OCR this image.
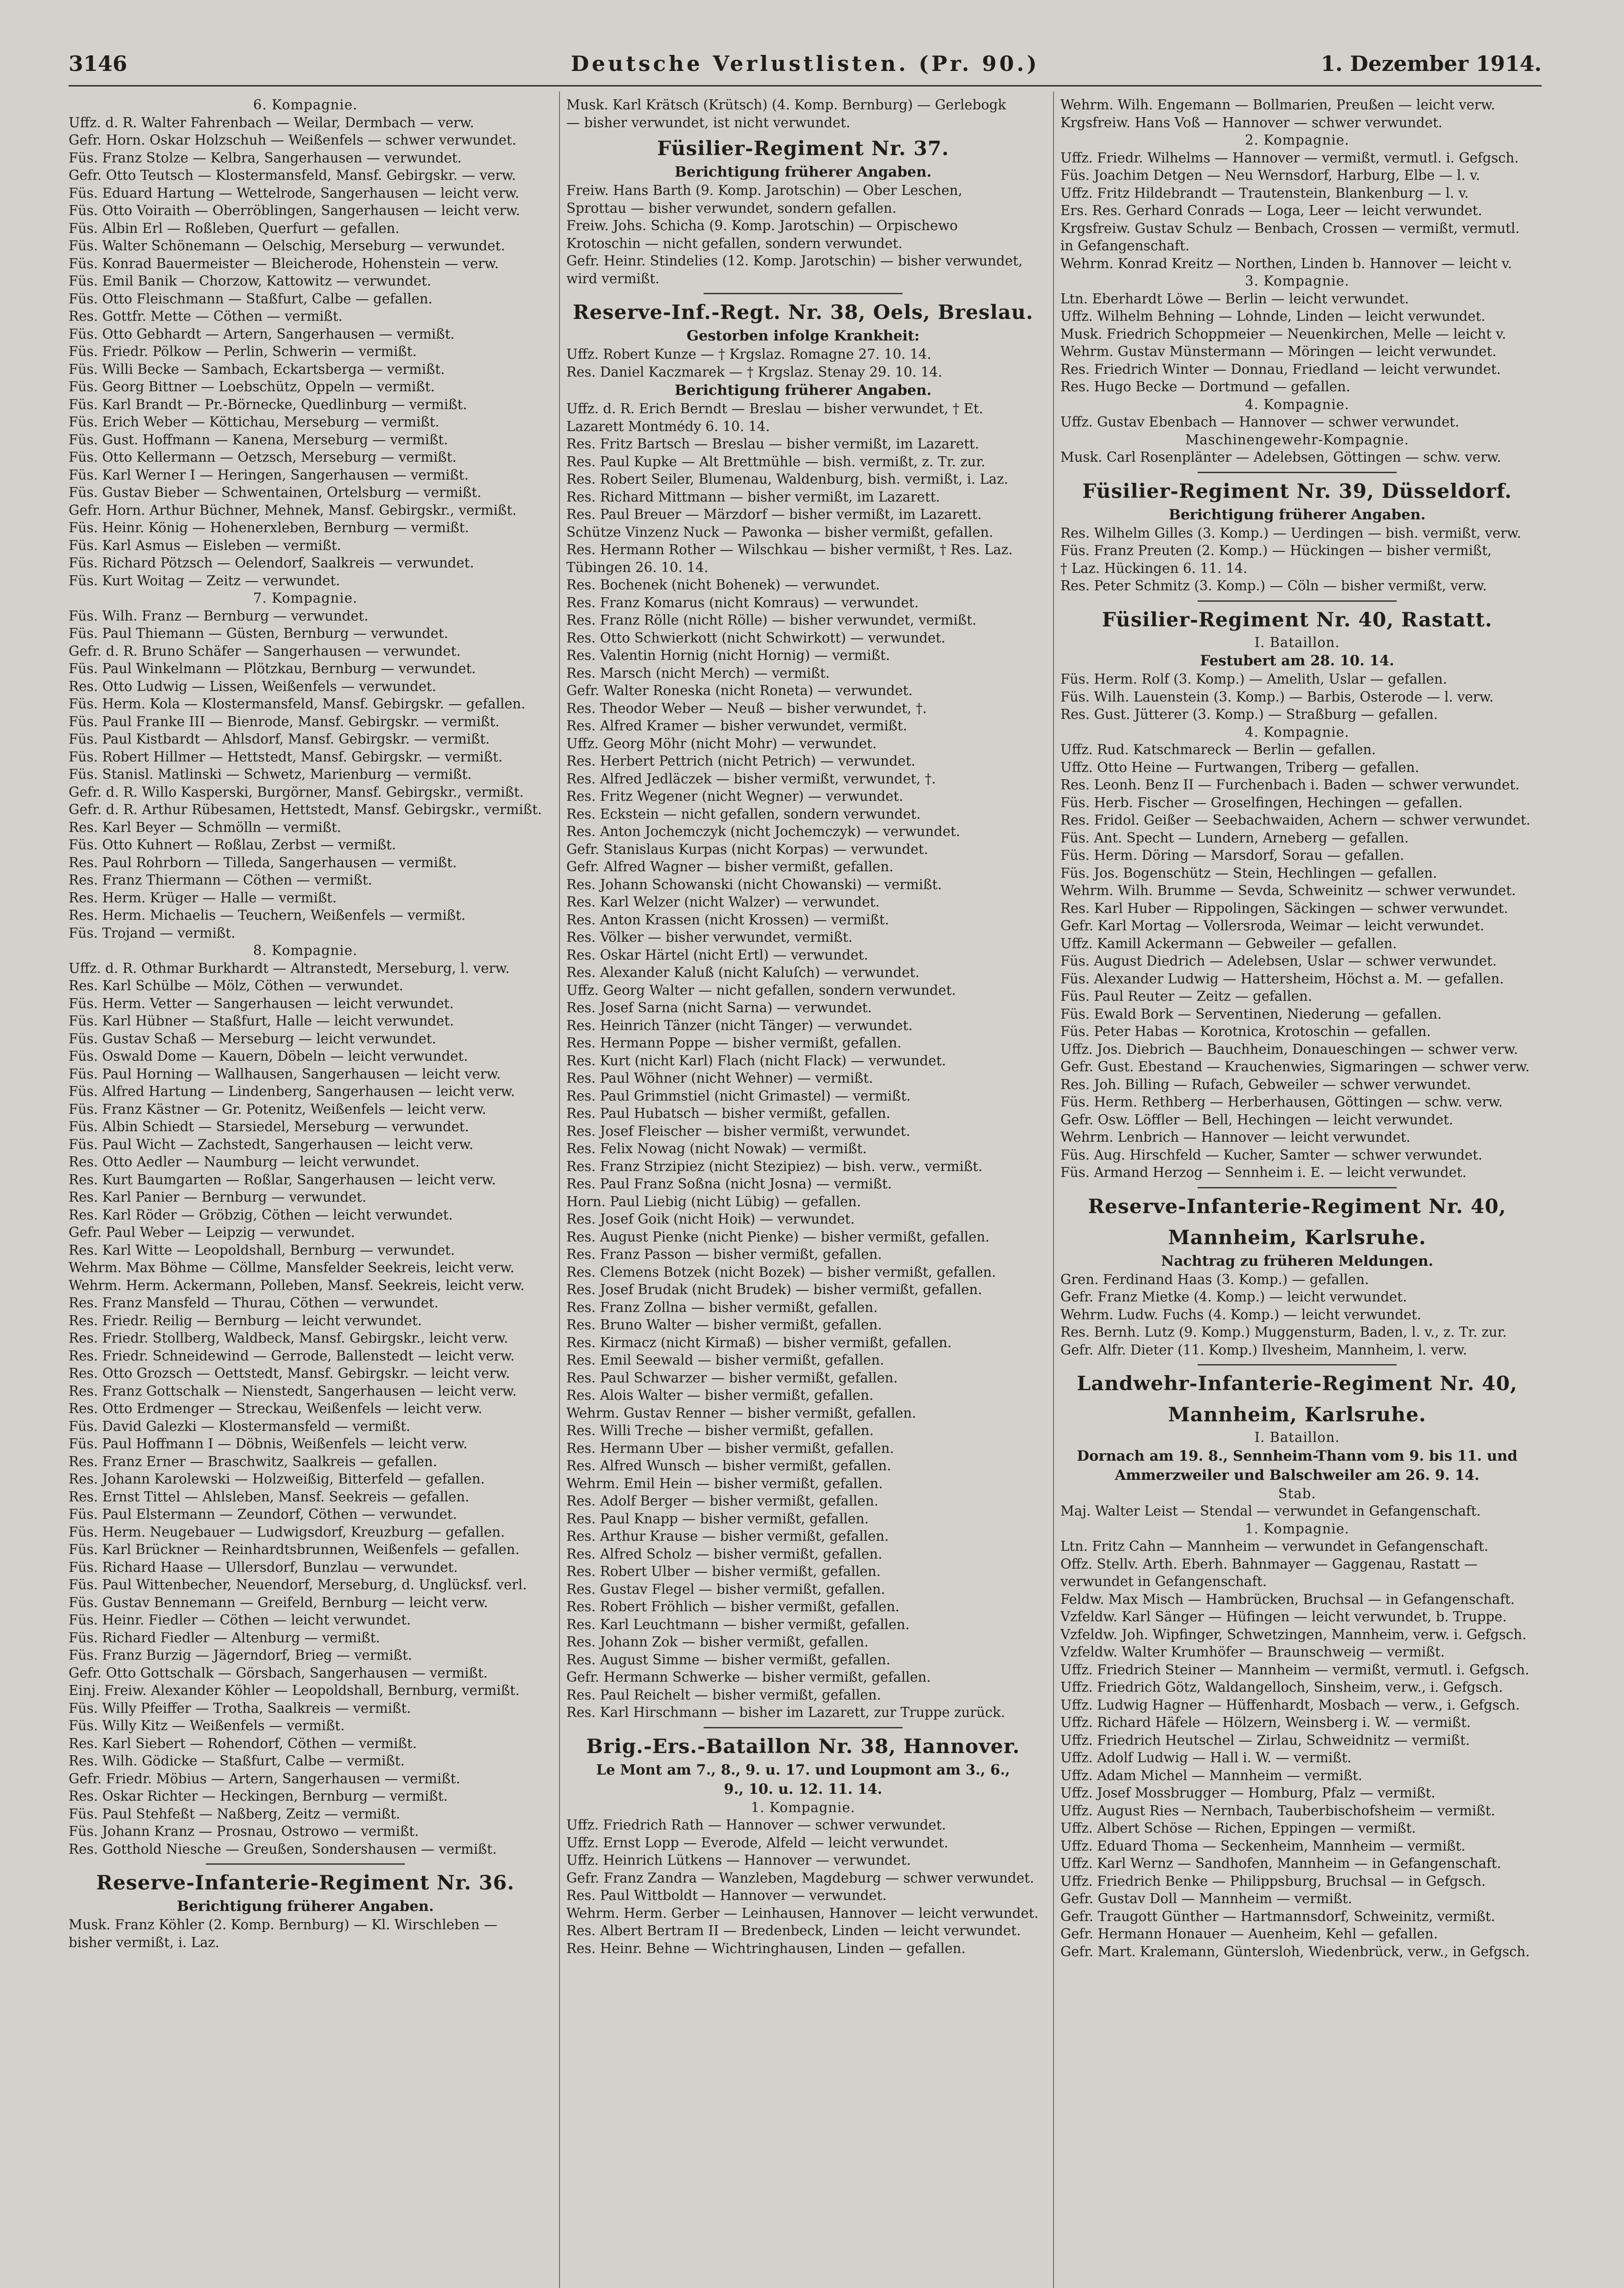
3146	Deutsche Verlustlisten. (Pr. 90.)	1. Dezember 1914.
6. Kompagnie.
Uffz. d. R. Walter Fahrenbach — Weilar, Dermbach — verw.
Gefr. Horn. Oskar Holzschuh — Weißenfels — schwer verwundet.
Füs. Franz Stolze — Kelbra, Sangerhausen — verwundet.
Gefr. Otto Teutsch — Klostermansfeld, Mansf. Gebirgskr. — verw.
Füs. Eduard Hartung — Wettelrode, Sangerhausen — leicht verw.
Füs. Otto Voiraith — Oberröblingen, Sangerhausen — leicht verw.
Füs. Albin Erl — Roßleben, Querfurt — gefallen.
Füs. Walter Schönemann — Oelschig, Merseburg — verwundet.
Füs. Konrad Bauermeister — Bleicherode, Hohenstein — verw.
Füs. Emil Banik — Chorzow, Kattowitz — verwundet.
Füs. Otto Fleischmann — Staßfurt, Calbe — gefallen.
Res. Gottfr. Mette — Cöthen — vermißt.
Füs. Otto Gebhardt — Artern, Sangerhausen — vermißt.
Füs. Friedr. Pölkow — Perlin, Schwerin — vermißt.
Füs. Willi Becke — Sambach, Eckartsberga — vermißt.
Füs. Georg Bittner — Loebschütz, Oppeln — vermißt.
Füs. Karl Brandt — Pr.-Börnecke, Quedlinburg — vermißt.
Füs. Erich Weber — Köttichau, Merseburg — vermißt.
Füs. Gust. Hoffmann — Kanena, Merseburg — vermißt.
Füs. Otto Kellermann — Oetzsch, Merseburg — vermißt.
Füs. Karl Werner I — Heringen, Sangerhausen — vermißt.
Füs. Gustav Bieber — Schwentainen, Ortelsburg — vermißt.
Gefr. Horn. Arthur Büchner, Mehnek, Mansf. Gebirgskr., vermißt.
Füs. Heinr. König — Hohenerxleben, Bernburg — vermißt.
Füs. Karl Asmus — Eisleben — vermißt.
Füs. Richard Pötzsch — Oelendorf, Saalkreis — verwundet.
Füs. Kurt Woitag — Zeitz — verwundet.
7. Kompagnie.
Füs. Wilh. Franz — Bernburg — verwundet.
Füs. Paul Thiemann — Güsten, Bernburg — verwundet.
Gefr. d. R. Bruno Schäfer — Sangerhausen — verwundet.
Füs. Paul Winkelmann — Plötzkau, Bernburg — verwundet.
Res. Otto Ludwig — Lissen, Weißenfels — verwundet.
Füs. Herm. Kola — Klostermansfeld, Mansf. Gebirgskr. — gefallen.
Füs. Paul Franke III — Bienrode, Mansf. Gebirgskr. — vermißt.
Füs. Paul Kistbardt — Ahlsdorf, Mansf. Gebirgskr. — vermißt.
Füs. Robert Hillmer — Hettstedt, Mansf. Gebirgskr. — vermißt.
Füs. Stanisl. Matlinski — Schwetz, Marienburg — vermißt.
Gefr. d. R. Willo Kasperski, Burgörner, Mansf. Gebirgskr., vermißt.
Gefr. d. R. Arthur Rübesamen, Hettstedt, Mansf. Gebirgskr., vermißt.
Res. Karl Beyer — Schmölln — vermißt.
Füs. Otto Kuhnert — Roßlau, Zerbst — vermißt.
Res. Paul Rohrborn — Tilleda, Sangerhausen — vermißt.
Res. Franz Thiermann — Cöthen — vermißt.
Res. Herm. Krüger — Halle — vermißt.
Res. Herm. Michaelis — Teuchern, Weißenfels — vermißt.
Füs. Trojand — vermißt.
8. Kompagnie.
Uffz. d. R. Othmar Burkhardt — Altranstedt, Merseburg, l. verw.
Res. Karl Schülbe — Mölz, Cöthen — verwundet.
Füs. Herm. Vetter — Sangerhausen — leicht verwundet.
Füs. Karl Hübner — Staßfurt, Halle — leicht verwundet.
Füs. Gustav Schaß — Merseburg — leicht verwundet.
Füs. Oswald Dome — Kauern, Döbeln — leicht verwundet.
Füs. Paul Horning — Wallhausen, Sangerhausen — leicht verw.
Füs. Alfred Hartung — Lindenberg, Sangerhausen — leicht verw.
Füs. Franz Kästner — Gr. Potenitz, Weißenfels — leicht verw.
Füs. Albin Schiedt — Starsiedel, Merseburg — verwundet.
Füs. Paul Wicht — Zachstedt, Sangerhausen — leicht verw.
Res. Otto Aedler — Naumburg — leicht verwundet.
Res. Kurt Baumgarten — Roßlar, Sangerhausen — leicht verw.
Res. Karl Panier — Bernburg — verwundet.
Res. Karl Röder — Gröbzig, Cöthen — leicht verwundet.
Gefr. Paul Weber — Leipzig — verwundet.
Res. Karl Witte — Leopoldshall, Bernburg — verwundet.
Wehrm. Max Böhme — Cöllme, Mansfelder Seekreis, leicht verw.
Wehrm. Herm. Ackermann, Polleben, Mansf. Seekreis, leicht verw.
Res. Franz Mansfeld — Thurau, Cöthen — verwundet.
Res. Friedr. Reilig — Bernburg — leicht verwundet.
Res. Friedr. Stollberg, Waldbeck, Mansf. Gebirgskr., leicht verw.
Res. Friedr. Schneidewind — Gerrode, Ballenstedt — leicht verw.
Res. Otto Grozsch — Oettstedt, Mansf. Gebirgskr. — leicht verw.
Res. Franz Gottschalk — Nienstedt, Sangerhausen — leicht verw.
Res. Otto Erdmenger — Streckau, Weißenfels — leicht verw.
Füs. David Galezki — Klostermansfeld — vermißt.
Füs. Paul Hoffmann I — Döbnis, Weißenfels — leicht verw.
Res. Franz Erner — Braschwitz, Saalkreis — gefallen.
Res. Johann Karolewski — Holzweißig, Bitterfeld — gefallen.
Res. Ernst Tittel — Ahlsleben, Mansf. Seekreis — gefallen.
Füs. Paul Elstermann — Zeundorf, Cöthen — verwundet.
Füs. Herm. Neugebauer — Ludwigsdorf, Kreuzburg — gefallen.
Füs. Karl Brückner — Reinhardtsbrunnen, Weißenfels — gefallen.
Füs. Richard Haase — Ullersdorf, Bunzlau — verwundet.
Füs. Paul Wittenbecher, Neuendorf, Merseburg, d. Unglücksf. verl.
Füs. Gustav Bennemann — Greifeld, Bernburg — leicht verw.
Füs. Heinr. Fiedler — Cöthen — leicht verwundet.
Füs. Richard Fiedler — Altenburg — vermißt.
Füs. Franz Burzig — Jägerndorf, Brieg — vermißt.
Gefr. Otto Gottschalk — Görsbach, Sangerhausen — vermißt.
Einj. Freiw. Alexander Köhler — Leopoldshall, Bernburg, vermißt.
Füs. Willy Pfeiffer — Trotha, Saalkreis — vermißt.
Füs. Willy Kitz — Weißenfels — vermißt.
Res. Karl Siebert — Rohendorf, Cöthen — vermißt.
Res. Wilh. Gödicke — Staßfurt, Calbe — vermißt.
Gefr. Friedr. Möbius — Artern, Sangerhausen — vermißt.
Res. Oskar Richter — Heckingen, Bernburg — vermißt.
Füs. Paul Stehfeßt — Naßberg, Zeitz — vermißt.
Füs. Johann Kranz — Prosnau, Ostrowo — vermißt.
Res. Gotthold Niesche — Greußen, Sondershausen — vermißt.
Reserve-Infanterie-Regiment Nr. 36.
Berichtigung früherer Angaben.
Musk. Franz Köhler (2. Komp. Bernburg) — Kl. Wirschleben —
bisher vermißt, i. Laz.
Musk. Karl Krätsch (Krütsch) (4. Komp. Bernburg) — Gerlebogk
— bisher verwundet, ist nicht verwundet.
Füsilier-Regiment Nr. 37.
Berichtigung früherer Angaben.
Freiw. Hans Barth (9. Komp. Jarotschin) — Ober Leschen,
Sprottau — bisher verwundet, sondern gefallen.
Freiw. Johs. Schicha (9. Komp. Jarotschin) — Orpischewo
Krotoschin — nicht gefallen, sondern verwundet.
Gefr. Heinr. Stindelies (12. Komp. Jarotschin) — bisher verwundet,
wird vermißt.
Reserve-Inf.-Regt. Nr. 38, Oels, Breslau.
Gestorben infolge Krankheit:
Uffz. Robert Kunze — † Krgslaz. Romagne 27. 10. 14.
Res. Daniel Kaczmarek — † Krgslaz. Stenay 29. 10. 14.
Berichtigung früherer Angaben.
Uffz. d. R. Erich Berndt — Breslau — bisher verwundet, † Et.
Lazarett Montmédy 6. 10. 14.
Res. Fritz Bartsch — Breslau — bisher vermißt, im Lazarett.
Res. Paul Kupke — Alt Brettmühle — bish. vermißt, z. Tr. zur.
Res. Robert Seiler, Blumenau, Waldenburg, bish. vermißt, i. Laz.
Res. Richard Mittmann — bisher vermißt, im Lazarett.
Res. Paul Breuer — Märzdorf — bisher vermißt, im Lazarett.
Schütze Vinzenz Nuck — Pawonka — bisher vermißt, gefallen.
Res. Hermann Rother — Wilschkau — bisher vermißt, † Res. Laz.
Tübingen 26. 10. 14.
Res. Bochenek (nicht Bohenek) — verwundet.
Res. Franz Komarus (nicht Komraus) — verwundet.
Res. Franz Rölle (nicht Rölle) — bisher verwundet, vermißt.
Res. Otto Schwierkott (nicht Schwirkott) — verwundet.
Res. Valentin Hornig (nicht Hornig) — vermißt.
Res. Marsch (nicht Merch) — vermißt.
Gefr. Walter Roneska (nicht Roneta) — verwundet.
Res. Theodor Weber — Neuß — bisher verwundet, †.
Res. Alfred Kramer — bisher verwundet, vermißt.
Uffz. Georg Möhr (nicht Mohr) — verwundet.
Res. Herbert Pettrich (nicht Petrich) — verwundet.
Res. Alfred Jedläczek — bisher vermißt, verwundet, †.
Res. Fritz Wegener (nicht Wegner) — verwundet.
Res. Eckstein — nicht gefallen, sondern verwundet.
Res. Anton Jochemczyk (nicht Jochemczyk) — verwundet.
Gefr. Stanislaus Kurpas (nicht Korpas) — verwundet.
Gefr. Alfred Wagner — bisher vermißt, gefallen.
Res. Johann Schowanski (nicht Chowanski) — vermißt.
Res. Karl Welzer (nicht Walzer) — verwundet.
Res. Anton Krassen (nicht Krossen) — vermißt.
Res. Völker — bisher verwundet, vermißt.
Res. Oskar Härtel (nicht Ertl) — verwundet.
Res. Alexander Kaluß (nicht Kaluſch) — verwundet.
Uffz. Georg Walter — nicht gefallen, sondern verwundet.
Res. Josef Sarna (nicht Sarna) — verwundet.
Res. Heinrich Tänzer (nicht Tänger) — verwundet.
Res. Hermann Poppe — bisher vermißt, gefallen.
Res. Kurt (nicht Karl) Flach (nicht Flack) — verwundet.
Res. Paul Wöhner (nicht Wehner) — vermißt.
Res. Paul Grimmstiel (nicht Grimastel) — vermißt.
Res. Paul Hubatsch — bisher vermißt, gefallen.
Res. Josef Fleischer — bisher vermißt, verwundet.
Res. Felix Nowag (nicht Nowak) — vermißt.
Res. Franz Strzipiez (nicht Stezipiez) — bish. verw., vermißt.
Res. Paul Franz Soßna (nicht Josna) — vermißt.
Horn. Paul Liebig (nicht Lübig) — gefallen.
Res. Josef Goik (nicht Hoik) — verwundet.
Res. August Pienke (nicht Pienke) — bisher vermißt, gefallen.
Res. Franz Passon — bisher vermißt, gefallen.
Res. Clemens Botzek (nicht Bozek) — bisher vermißt, gefallen.
Res. Josef Brudak (nicht Brudek) — bisher vermißt, gefallen.
Res. Franz Zollna — bisher vermißt, gefallen.
Res. Bruno Walter — bisher vermißt, gefallen.
Res. Kirmacz (nicht Kirmaß) — bisher vermißt, gefallen.
Res. Emil Seewald — bisher vermißt, gefallen.
Res. Paul Schwarzer — bisher vermißt, gefallen.
Res. Alois Walter — bisher vermißt, gefallen.
Wehrm. Gustav Renner — bisher vermißt, gefallen.
Res. Willi Treche — bisher vermißt, gefallen.
Res. Hermann Uber — bisher vermißt, gefallen.
Res. Alfred Wunsch — bisher vermißt, gefallen.
Wehrm. Emil Hein — bisher vermißt, gefallen.
Res. Adolf Berger — bisher vermißt, gefallen.
Res. Paul Knapp — bisher vermißt, gefallen.
Res. Arthur Krause — bisher vermißt, gefallen.
Res. Alfred Scholz — bisher vermißt, gefallen.
Res. Robert Ulber — bisher vermißt, gefallen.
Res. Gustav Flegel — bisher vermißt, gefallen.
Res. Robert Fröhlich — bisher vermißt, gefallen.
Res. Karl Leuchtmann — bisher vermißt, gefallen.
Res. Johann Zok — bisher vermißt, gefallen.
Res. August Simme — bisher vermißt, gefallen.
Gefr. Hermann Schwerke — bisher vermißt, gefallen.
Res. Paul Reichelt — bisher vermißt, gefallen.
Res. Karl Hirschmann — bisher im Lazarett, zur Truppe zurück.
Brig.-Ers.-Bataillon Nr. 38, Hannover.
Le Mont am 7., 8., 9. u. 17. und Loupmont am 3., 6.,
9., 10. u. 12. 11. 14.
1. Kompagnie.
Uffz. Friedrich Rath — Hannover — schwer verwundet.
Uffz. Ernst Lopp — Everode, Alfeld — leicht verwundet.
Uffz. Heinrich Lütkens — Hannover — verwundet.
Gefr. Franz Zandra — Wanzleben, Magdeburg — schwer verwundet.
Res. Paul Wittboldt — Hannover — verwundet.
Wehrm. Herm. Gerber — Leinhausen, Hannover — leicht verwundet.
Res. Albert Bertram II — Bredenbeck, Linden — leicht verwundet.
Res. Heinr. Behne — Wichtringhausen, Linden — gefallen.
Wehrm. Wilh. Engemann — Bollmarien, Preußen — leicht verw.
Krgsfreiw. Hans Voß — Hannover — schwer verwundet.
2. Kompagnie.
Uffz. Friedr. Wilhelms — Hannover — vermißt, vermutl. i. Gefgsch.
Füs. Joachim Detgen — Neu Wernsdorf, Harburg, Elbe — l. v.
Uffz. Fritz Hildebrandt — Trautenstein, Blankenburg — l. v.
Ers. Res. Gerhard Conrads — Loga, Leer — leicht verwundet.
Krgsfreiw. Gustav Schulz — Benbach, Crossen — vermißt, vermutl.
in Gefangenschaft.
Wehrm. Konrad Kreitz — Northen, Linden b. Hannover — leicht v.
3. Kompagnie.
Ltn. Eberhardt Löwe — Berlin — leicht verwundet.
Uffz. Wilhelm Behning — Lohnde, Linden — leicht verwundet.
Musk. Friedrich Schoppmeier — Neuenkirchen, Melle — leicht v.
Wehrm. Gustav Münstermann — Möringen — leicht verwundet.
Res. Friedrich Winter — Donnau, Friedland — leicht verwundet.
Res. Hugo Becke — Dortmund — gefallen.
4. Kompagnie.
Uffz. Gustav Ebenbach — Hannover — schwer verwundet.
Maschinengewehr-Kompagnie.
Musk. Carl Rosenplänter — Adelebsen, Göttingen — schw. verw.
Füsilier-Regiment Nr. 39, Düsseldorf.
Berichtigung früherer Angaben.
Res. Wilhelm Gilles (3. Komp.) — Uerdingen — bish. vermißt, verw.
Füs. Franz Preuten (2. Komp.) — Hückingen — bisher vermißt,
† Laz. Hückingen 6. 11. 14.
Res. Peter Schmitz (3. Komp.) — Cöln — bisher vermißt, verw.
Füsilier-Regiment Nr. 40, Rastatt.
I. Bataillon.
Festubert am 28. 10. 14.
Füs. Herm. Rolf (3. Komp.) — Amelith, Uslar — gefallen.
Füs. Wilh. Lauenstein (3. Komp.) — Barbis, Osterode — l. verw.
Res. Gust. Jütterer (3. Komp.) — Straßburg — gefallen.
4. Kompagnie.
Uffz. Rud. Katschmareck — Berlin — gefallen.
Uffz. Otto Heine — Furtwangen, Triberg — gefallen.
Res. Leonh. Benz II — Furchenbach i. Baden — schwer verwundet.
Füs. Herb. Fischer — Groselfingen, Hechingen — gefallen.
Res. Fridol. Geißer — Seebachwaiden, Achern — schwer verwundet.
Füs. Ant. Specht — Lundern, Arneberg — gefallen.
Füs. Herm. Döring — Marsdorf, Sorau — gefallen.
Füs. Jos. Bogenschütz — Stein, Hechlingen — gefallen.
Wehrm. Wilh. Brumme — Sevda, Schweinitz — schwer verwundet.
Res. Karl Huber — Rippolingen, Säckingen — schwer verwundet.
Gefr. Karl Mortag — Vollersroda, Weimar — leicht verwundet.
Uffz. Kamill Ackermann — Gebweiler — gefallen.
Füs. August Diedrich — Adelebsen, Uslar — schwer verwundet.
Füs. Alexander Ludwig — Hattersheim, Höchst a. M. — gefallen.
Füs. Paul Reuter — Zeitz — gefallen.
Füs. Ewald Bork — Serventinen, Niederung — gefallen.
Füs. Peter Habas — Korotnica, Krotoschin — gefallen.
Uffz. Jos. Diebrich — Bauchheim, Donaueschingen — schwer verw.
Gefr. Gust. Ebestand — Krauchenwies, Sigmaringen — schwer verw.
Res. Joh. Billing — Rufach, Gebweiler — schwer verwundet.
Füs. Herm. Rethberg — Herberhausen, Göttingen — schw. verw.
Gefr. Osw. Löffler — Bell, Hechingen — leicht verwundet.
Wehrm. Lenbrich — Hannover — leicht verwundet.
Füs. Aug. Hirschfeld — Kucher, Samter — schwer verwundet.
Füs. Armand Herzog — Sennheim i. E. — leicht verwundet.
Reserve-Infanterie-Regiment Nr. 40,
Mannheim, Karlsruhe.
Nachtrag zu früheren Meldungen.
Gren. Ferdinand Haas (3. Komp.) — gefallen.
Gefr. Franz Mietke (4. Komp.) — leicht verwundet.
Wehrm. Ludw. Fuchs (4. Komp.) — leicht verwundet.
Res. Bernh. Lutz (9. Komp.) Muggensturm, Baden, l. v., z. Tr. zur.
Gefr. Alfr. Dieter (11. Komp.) Ilvesheim, Mannheim, l. verw.
Landwehr-Infanterie-Regiment Nr. 40,
Mannheim, Karlsruhe.
I. Bataillon.
Dornach am 19. 8., Sennheim-Thann vom 9. bis 11. und
Ammerzweiler und Balschweiler am 26. 9. 14.
Stab.
Maj. Walter Leist — Stendal — verwundet in Gefangenschaft.
1. Kompagnie.
Ltn. Fritz Cahn — Mannheim — verwundet in Gefangenschaft.
Offz. Stellv. Arth. Eberh. Bahnmayer — Gaggenau, Rastatt —
verwundet in Gefangenschaft.
Feldw. Max Misch — Hambrücken, Bruchsal — in Gefangenschaft.
Vzfeldw. Karl Sänger — Hüfingen — leicht verwundet, b. Truppe.
Vzfeldw. Joh. Wipfinger, Schwetzingen, Mannheim, verw. i. Gefgsch.
Vzfeldw. Walter Krumhöfer — Braunschweig — vermißt.
Uffz. Friedrich Steiner — Mannheim — vermißt, vermutl. i. Gefgsch.
Uffz. Friedrich Götz, Waldangelloch, Sinsheim, verw., i. Gefgsch.
Uffz. Ludwig Hagner — Hüffenhardt, Mosbach — verw., i. Gefgsch.
Uffz. Richard Häfele — Hölzern, Weinsberg i. W. — vermißt.
Uffz. Friedrich Heutschel — Zirlau, Schweidnitz — vermißt.
Uffz. Adolf Ludwig — Hall i. W. — vermißt.
Uffz. Adam Michel — Mannheim — vermißt.
Uffz. Josef Mossbrugger — Homburg, Pfalz — vermißt.
Uffz. August Ries — Nernbach, Tauberbischofsheim — vermißt.
Uffz. Albert Schöse — Richen, Eppingen — vermißt.
Uffz. Eduard Thoma — Seckenheim, Mannheim — vermißt.
Uffz. Karl Wernz — Sandhofen, Mannheim — in Gefangenschaft.
Uffz. Friedrich Benke — Philippsburg, Bruchsal — in Gefgsch.
Gefr. Gustav Doll — Mannheim — vermißt.
Gefr. Traugott Günther — Hartmannsdorf, Schweinitz, vermißt.
Gefr. Hermann Honauer — Auenheim, Kehl — gefallen.
Gefr. Mart. Kralemann, Güntersloh, Wiedenbrück, verw., in Gefgsch.
